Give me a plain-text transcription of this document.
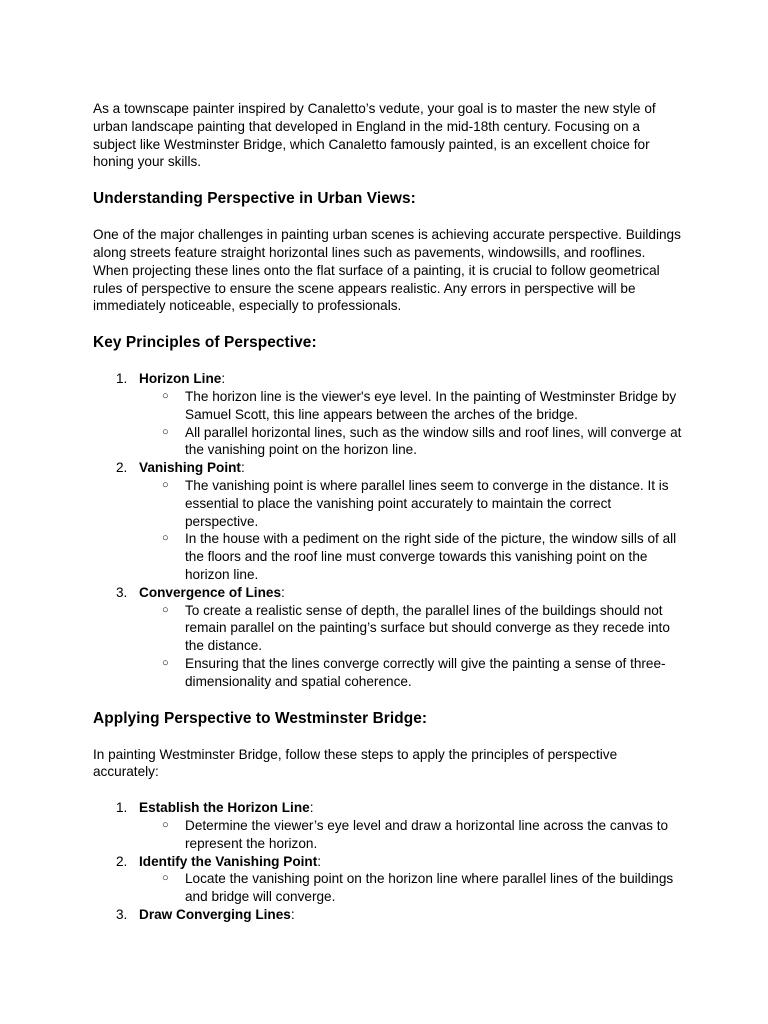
As a townscape painter inspired by Canaletto’s vedute, your goal is to master the new style of urban landscape painting that developed in England in the mid-18th century. Focusing on a subject like Westminster Bridge, which Canaletto famously painted, is an excellent choice for honing your skills.

Understanding Perspective in Urban Views:

One of the major challenges in painting urban scenes is achieving accurate perspective. Buildings along streets feature straight horizontal lines such as pavements, windowsills, and rooflines. When projecting these lines onto the flat surface of a painting, it is crucial to follow geometrical rules of perspective to ensure the scene appears realistic. Any errors in perspective will be immediately noticeable, especially to professionals.

Key Principles of Perspective:
1. Horizon Line:
○ The horizon line is the viewer's eye level. In the painting of Westminster Bridge by Samuel Scott, this line appears between the arches of the bridge.
○ All parallel horizontal lines, such as the window sills and roof lines, will converge at the vanishing point on the horizon line.
2. Vanishing Point:
○ The vanishing point is where parallel lines seem to converge in the distance. It is essential to place the vanishing point accurately to maintain the correct perspective.
○ In the house with a pediment on the right side of the picture, the window sills of all the floors and the roof line must converge towards this vanishing point on the horizon line.
3. Convergence of Lines:
○ To create a realistic sense of depth, the parallel lines of the buildings should not remain parallel on the painting’s surface but should converge as they recede into the distance.
○ Ensuring that the lines converge correctly will give the painting a sense of three-dimensionality and spatial coherence.
Applying Perspective to Westminster Bridge:

In painting Westminster Bridge, follow these steps to apply the principles of perspective accurately:

1. Establish the Horizon Line:
○ Determine the viewer’s eye level and draw a horizontal line across the canvas to represent the horizon.
2. Identify the Vanishing Point:
○ Locate the vanishing point on the horizon line where parallel lines of the buildings and bridge will converge.
3. Draw Converging Lines:
